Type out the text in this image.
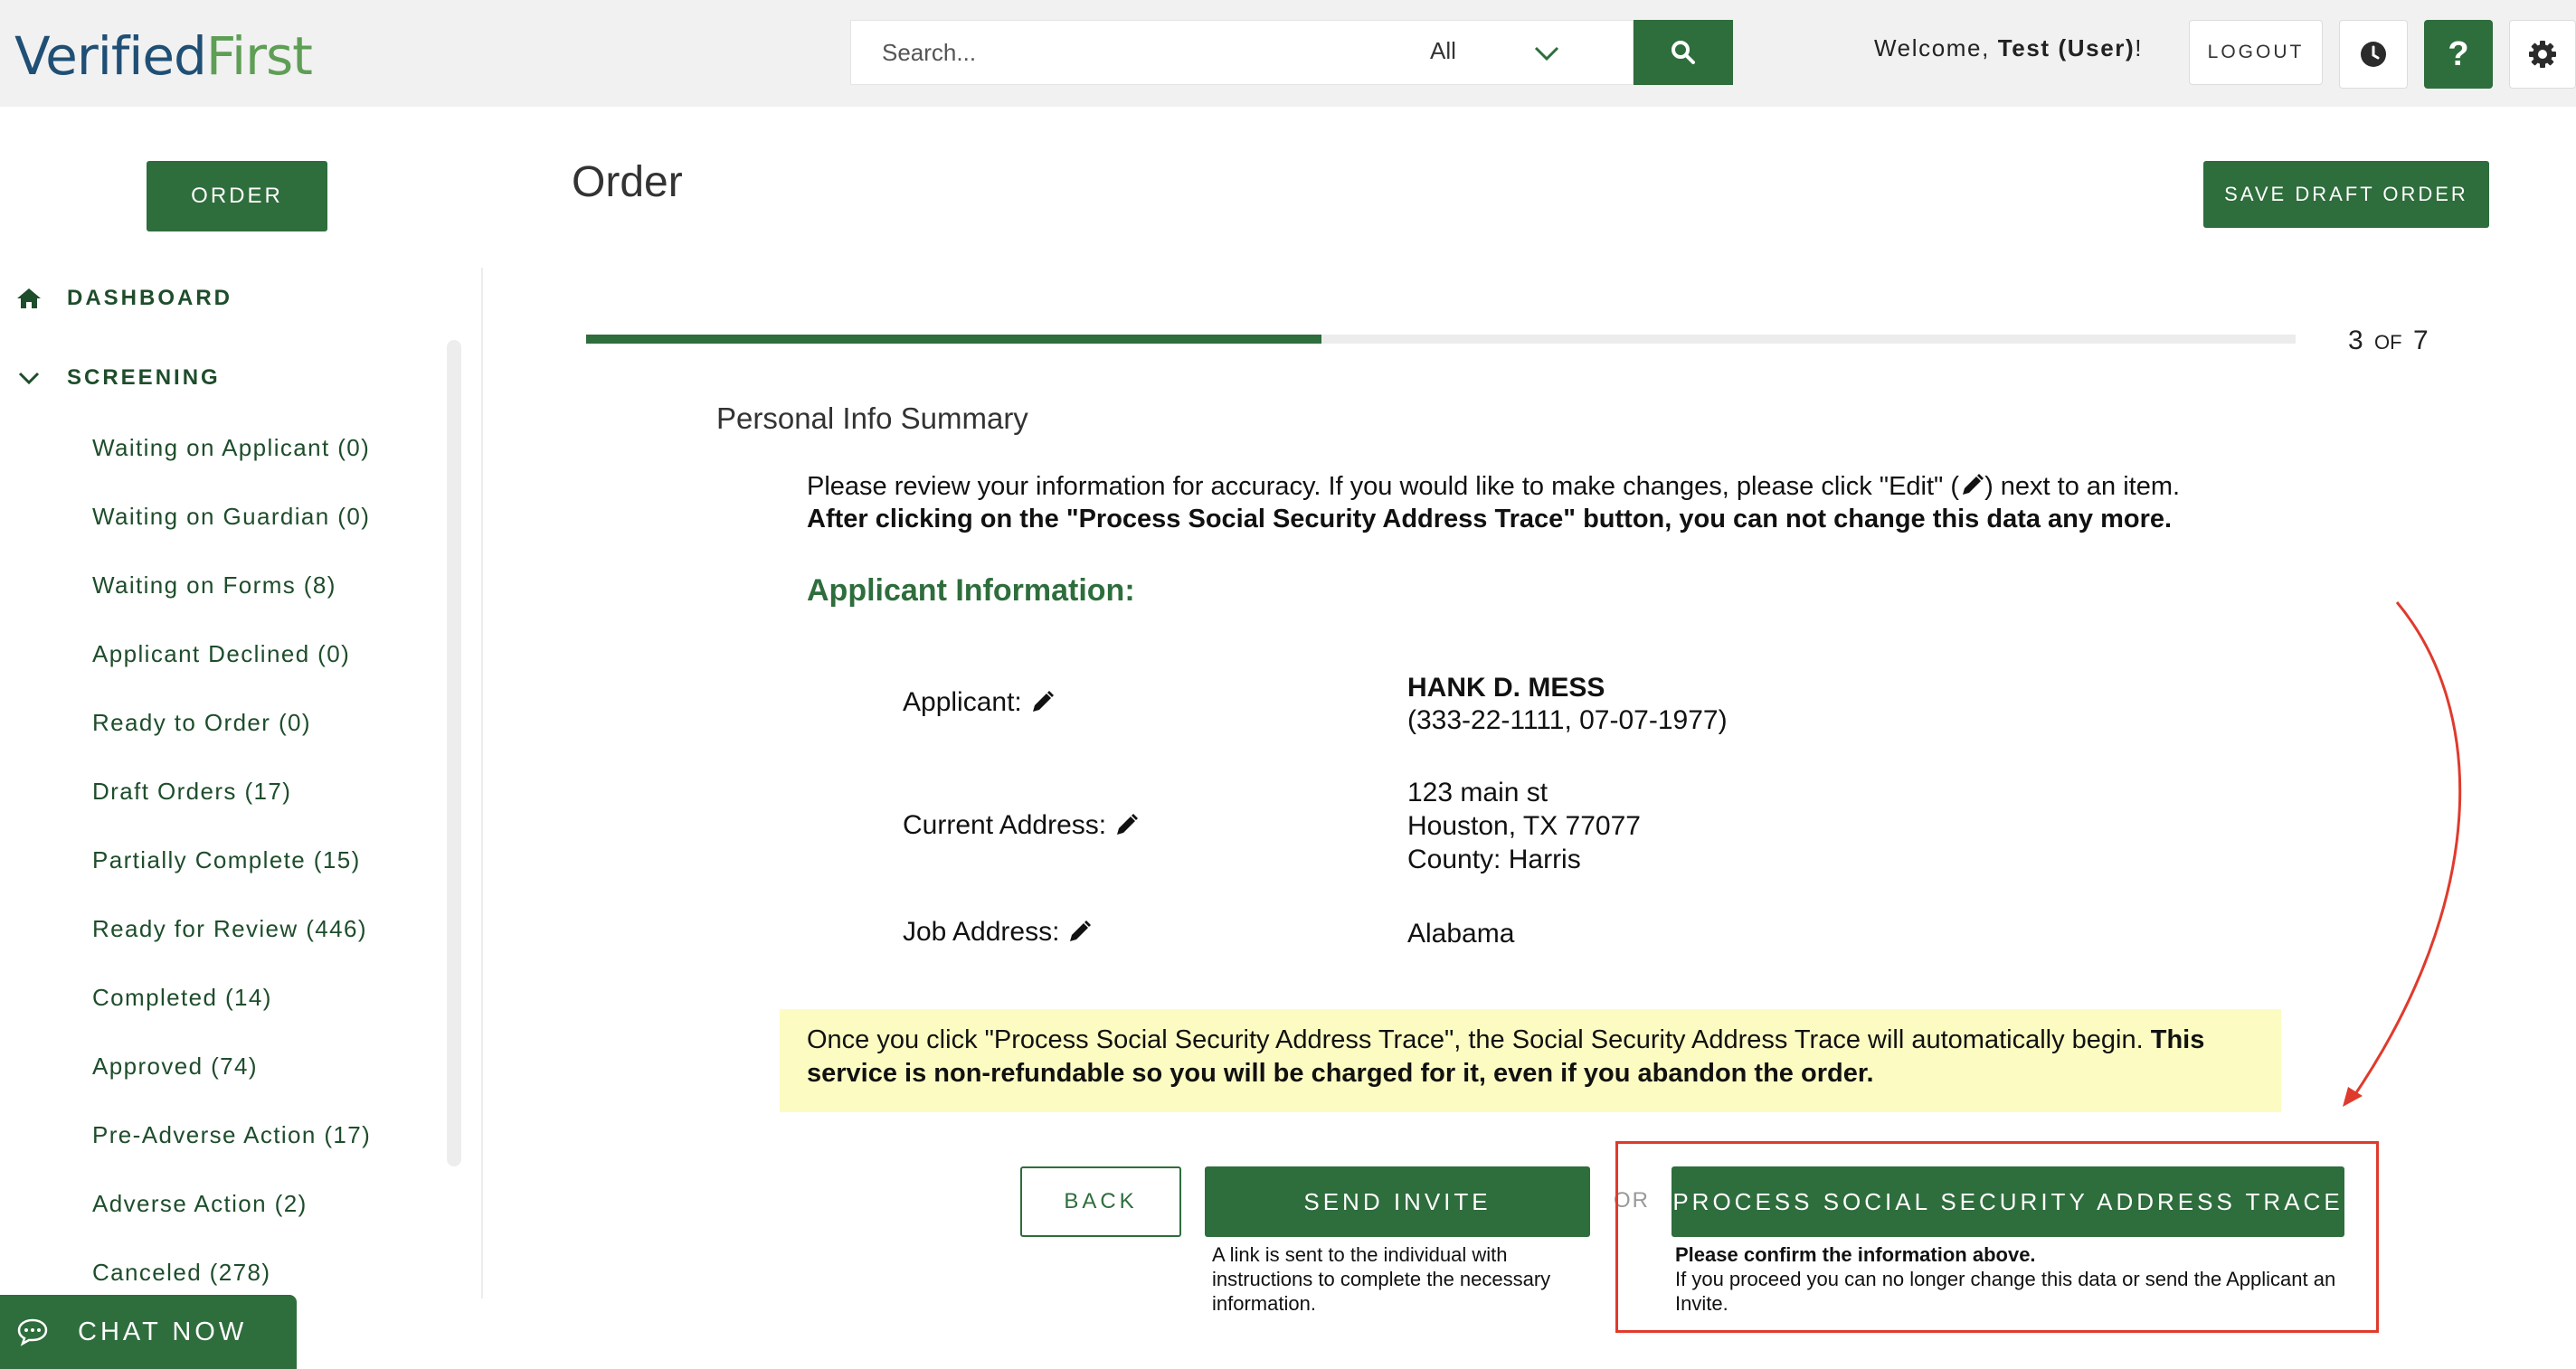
VerifiedFirst
Search...	All	Welcome, Test (User)!	LOGOUT	?
ORDER
DASHBOARD
SCREENING
Waiting on Applicant (0)
Waiting on Guardian (0)
Waiting on Forms (8)
Applicant Declined (0)
Ready to Order (0)
Draft Orders (17)
Partially Complete (15)
Ready for Review (446)
Completed (14)
Approved (74)
Pre-Adverse Action (17)
Adverse Action (2)
Canceled (278)
CHAT NOW
Order	SAVE DRAFT ORDER
3 OF 7
Personal Info Summary
Please review your information for accuracy. If you would like to make changes, please click "Edit" ( ) next to an item.
After clicking on the "Process Social Security Address Trace" button, you can not change this data any more.
Applicant Information:
Applicant:	HANK D. MESS
(333-22-1111, 07-07-1977)
Current Address:
123 main st
Houston, TX 77077
County: Harris
Job Address:	Alabama
Once you click "Process Social Security Address Trace", the Social Security Address Trace will automatically begin. This service is non-refundable so you will be charged for it, even if you abandon the order.
BACK	SEND INVITE
A link is sent to the individual with instructions to complete the necessary information.
OR PROCESS SOCIAL SECURITY ADDRESS TRACE
Please confirm the information above.
If you proceed you can no longer change this data or send the Applicant an Invite.
